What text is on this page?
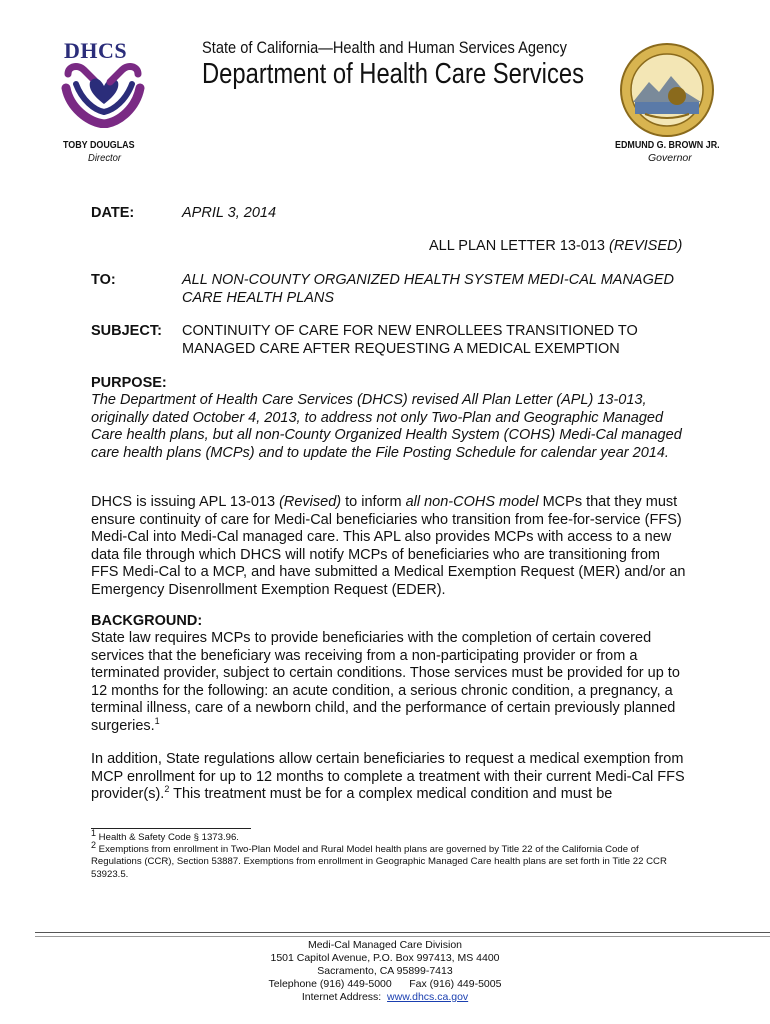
DHCS	State of California—Health and Human Services Agency
Department of Health Care Services
TOBY DOUGLAS
Director
EDMUND G. BROWN JR.
Governor
DATE:	APRIL 3, 2014
ALL PLAN LETTER 13-013 (REVISED)
TO:	ALL NON-COUNTY ORGANIZED HEALTH SYSTEM MEDI-CAL MANAGED
CARE HEALTH PLANS
SUBJECT: CONTINUITY OF CARE FOR NEW ENROLLEES TRANSITIONED TO
MANAGED CARE AFTER REQUESTING A MEDICAL EXEMPTION
PURPOSE:
The Department of Health Care Services (DHCS) revised All Plan Letter (APL) 13-013, originally dated October 4, 2013, to address not only Two-Plan and Geographic Managed Care health plans, but all non-County Organized Health System (COHS) Medi-Cal managed care health plans (MCPs) and to update the File Posting Schedule for calendar year 2014.
DHCS is issuing APL 13-013 (Revised) to inform all non-COHS model MCPs that they must ensure continuity of care for Medi-Cal beneficiaries who transition from fee-for-service (FFS) Medi-Cal into Medi-Cal managed care. This APL also provides MCPs with access to a new data file through which DHCS will notify MCPs of beneficiaries who are transitioning from FFS Medi-Cal to a MCP, and have submitted a Medical Exemption Request (MER) and/or an Emergency Disenrollment Exemption Request (EDER).
BACKGROUND:
State law requires MCPs to provide beneficiaries with the completion of certain covered services that the beneficiary was receiving from a non-participating provider or from a terminated provider, subject to certain conditions. Those services must be provided for up to 12 months for the following: an acute condition, a serious chronic condition, a pregnancy, a terminal illness, care of a newborn child, and the performance of certain previously planned surgeries.$^1$
In addition, State regulations allow certain beneficiaries to request a medical exemption from MCP enrollment for up to 12 months to complete a treatment with their current Medi-Cal FFS provider(s).$^2$ This treatment must be for a complex medical condition and must be
$^1$ Health & Safety Code § 1373.96.
$^2$ Exemptions from enrollment in Two-Plan Model and Rural Model health plans are governed by Title 22 of the California Code of Regulations (CCR), Section 53887. Exemptions from enrollment in Geographic Managed Care health plans are set forth in Title 22 CCR 53923.5.
Medi-Cal Managed Care Division
1501 Capitol Avenue, P.O. Box 997413, MS 4400
Sacramento, CA 95899-7413
Telephone (916) 449-5000      Fax (916) 449-5005
Internet Address:  www.dhcs.ca.gov
